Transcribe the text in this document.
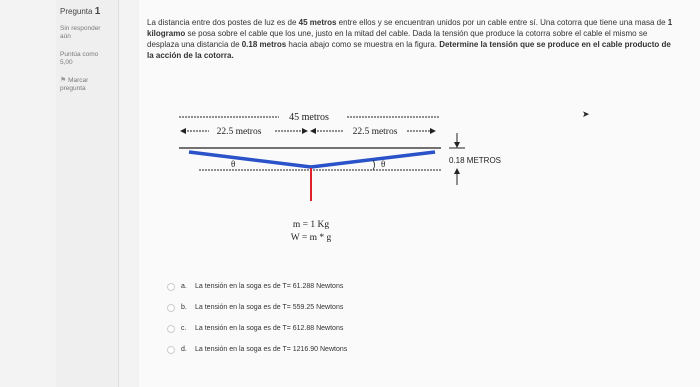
Pregunta 1
Sin responder
aún
Puntúa como
5,00
⚑ Marcar
pregunta
La distancia entre dos postes de luz es de 45 metros entre ellos y se encuentran unidos por un cable entre sí. Una cotorra que tiene una masa de 1 kilogramo se posa sobre el cable que los une, justo en la mitad del cable. Dada la tensión que produce la cotorra sobre el cable el mismo se desplaza una distancia de 0.18 metros hacia abajo como se muestra en la figura. Determine la tensión que se produce en el cable producto de la acción de la cotorra.
45 metros
22.5 metros	22.5 metros
0.18 METROS
θ	θ
m = 1 Kg
W = m * g
a.	La tensión en la soga es de T= 61.288 Newtons
b.	La tensión en la soga es de T= 559.25 Newtons
c.	La tensión en la soga es de T= 612.88 Newtons
d.	La tensión en la soga es de T= 1216.90 Newtons
➤
